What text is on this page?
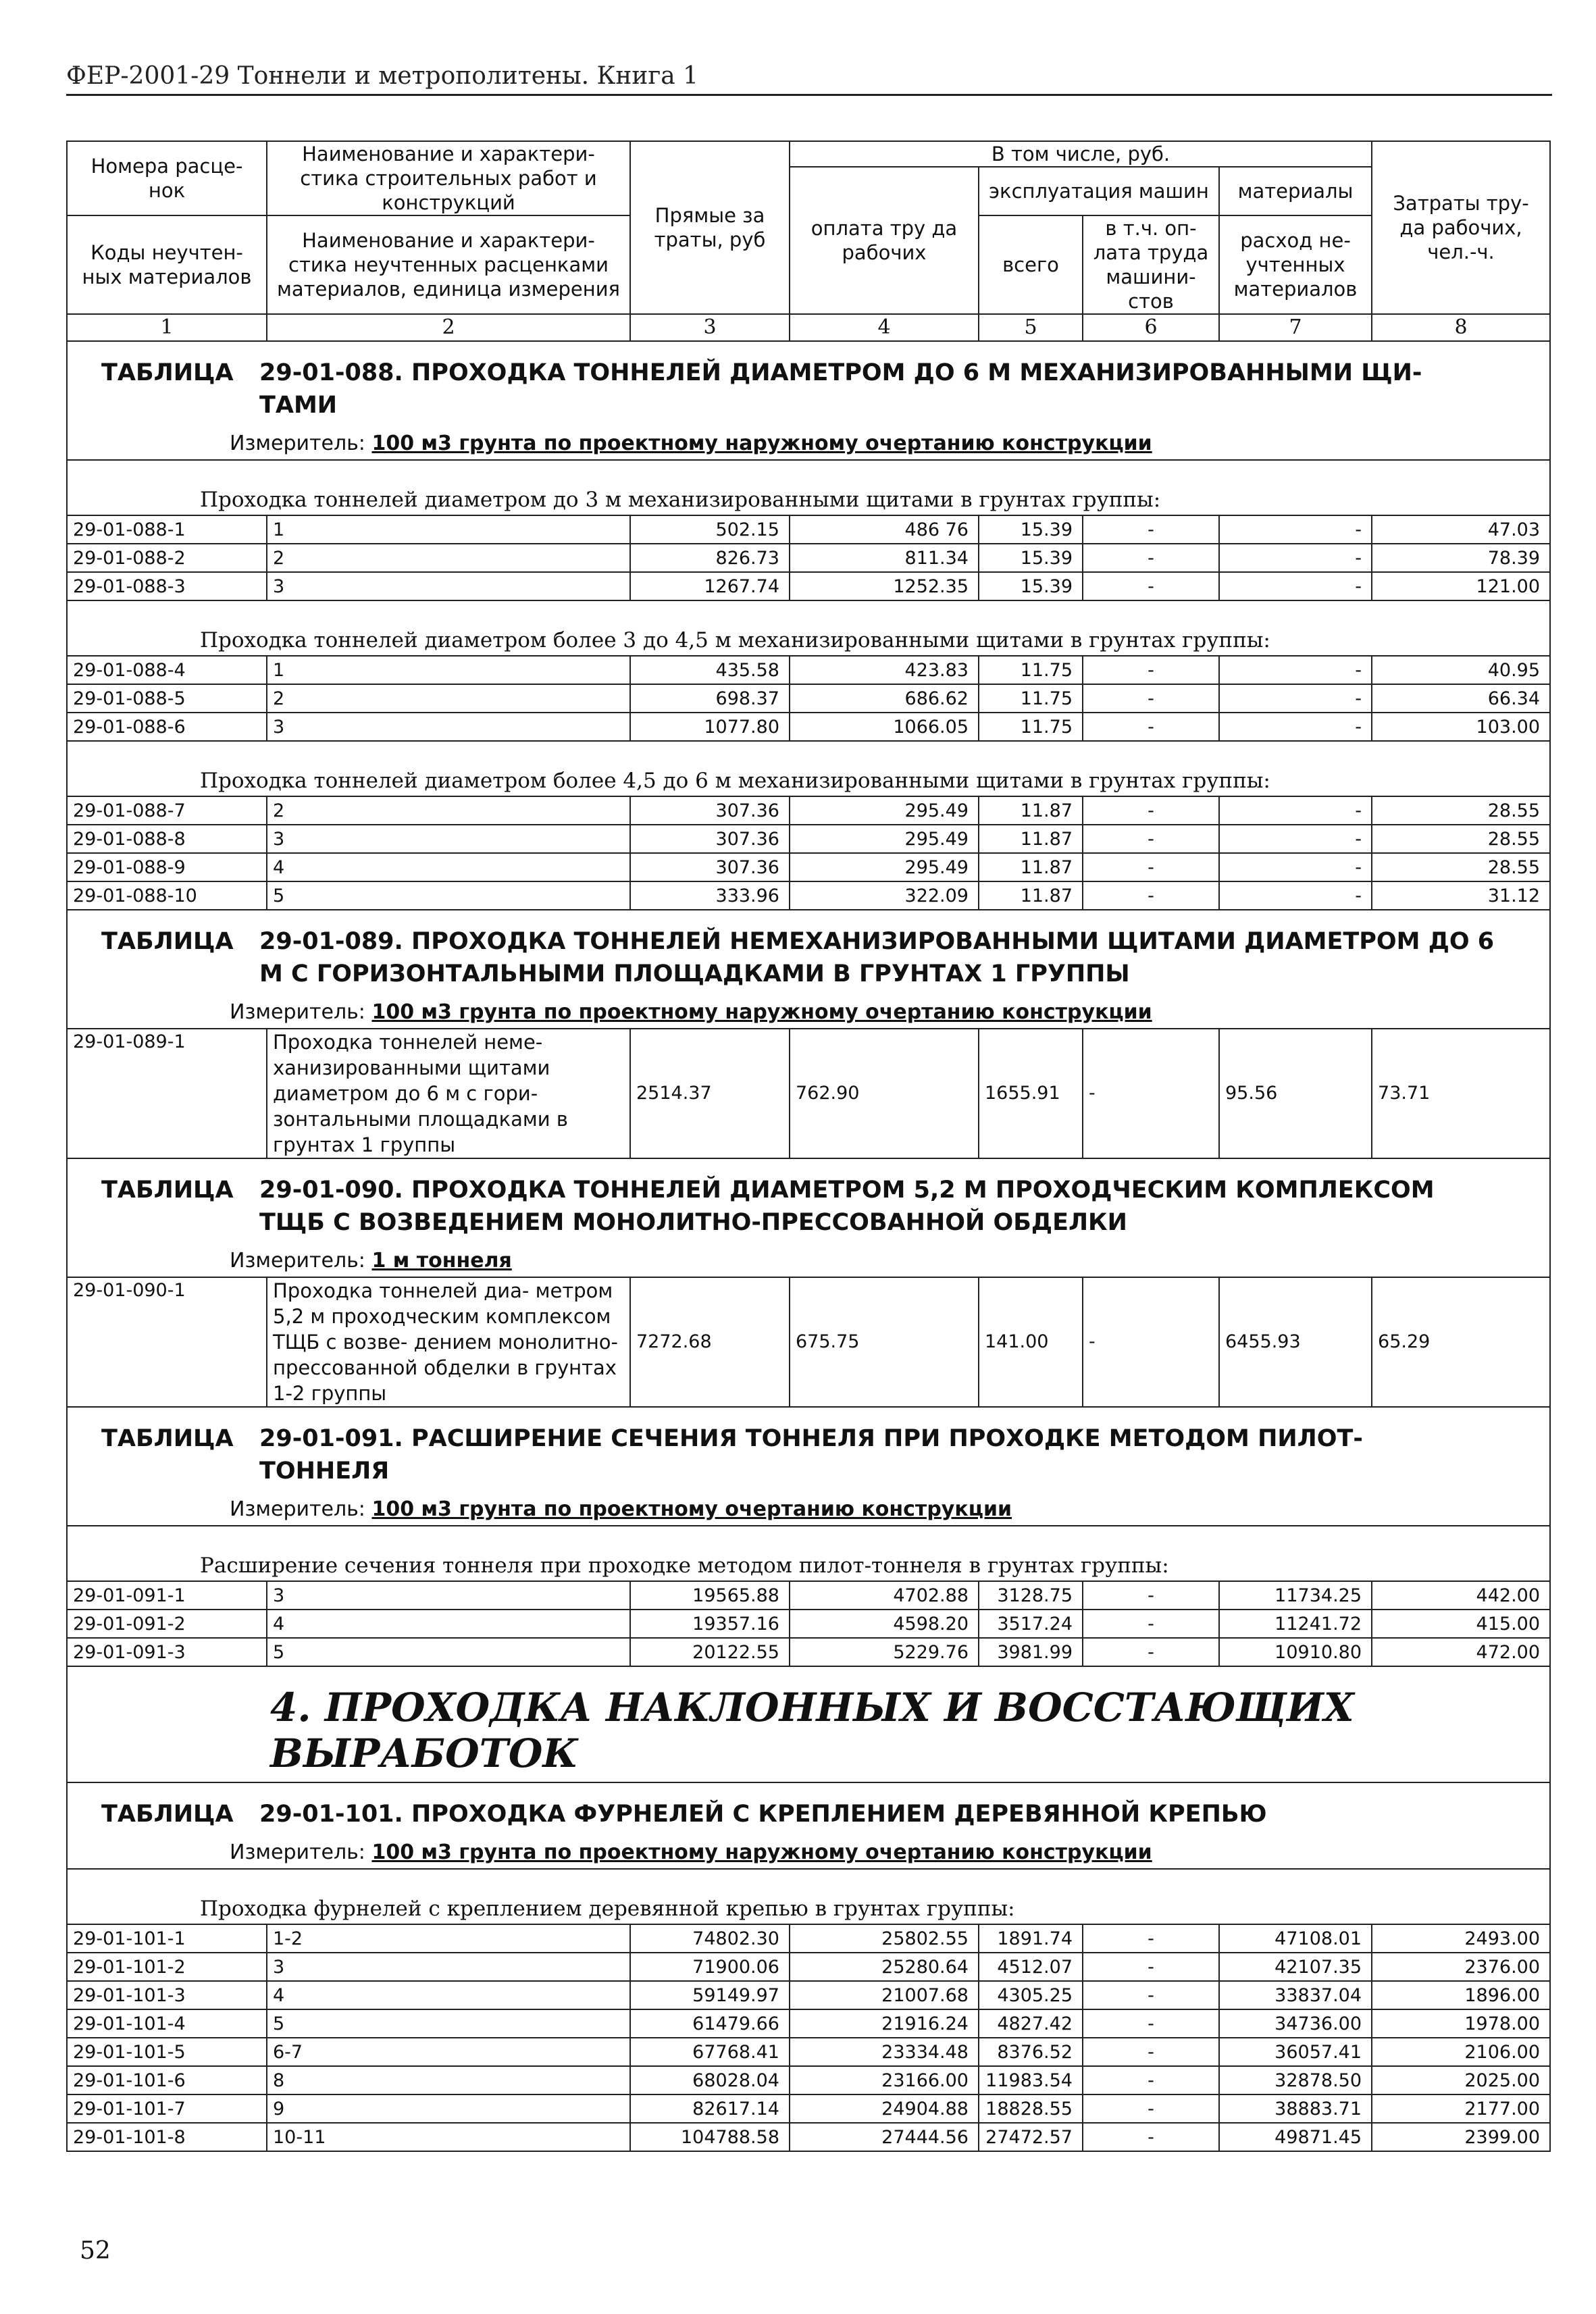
ФЕР-2001-29 Тоннели и метрополитены. Книга 1
Номера расце- нок	Наименование и характери- стика строительных работ и конструкций	Прямые за траты, руб	В том числе, руб.				Затраты тру- да рабочих, чел.-ч.
			оплата тру да рабочих	эксплуатация машин		материалы	
Коды неучтен- ных материалов	Наименование и характери- стика неучтенных расценками материалов, единица измерения			всего	в т.ч. оп- лата труда машини- стов	расход не- учтенных материалов	

1	2	3	4	5	6	7	8
ТАБЛИЦА 29-01-088. ПРОХОДКА ТОННЕЛЕЙ ДИАМЕТРОМ ДО 6 М МЕХАНИЗИРОВАННЫМИ ЩИ- ТАМИ							
Измеритель: 100 м3 грунта по проектному наружному очертанию конструкции							
Проходка тоннелей диаметром до 3 м механизированными щитами в грунтах группы:							
29-01-088-1	1	502.15	486 76	15.39	-	-	47.03
29-01-088-2	2	826.73	811.34	15.39	-	-	78.39
29-01-088-3	3	1267.74	1252.35	15.39	-	-	121.00
Проходка тоннелей диаметром более 3 до 4,5 м механизированными щитами в грунтах группы:							
29-01-088-4	1	435.58	423.83	11.75	-	-	40.95
29-01-088-5	2	698.37	686.62	11.75	-	-	66.34
29-01-088-6	3	1077.80	1066.05	11.75	-	-	103.00
Проходка тоннелей диаметром более 4,5 до 6 м механизированными щитами в грунтах группы:							
29-01-088-7	2	307.36	295.49	11.87	-	-	28.55
29-01-088-8	3	307.36	295.49	11.87	-	-	28.55
29-01-088-9	4	307.36	295.49	11.87	-	-	28.55
29-01-088-10	5	333.96	322.09	11.87	-	-	31.12
ТАБЛИЦА 29-01-089. ПРОХОДКА ТОННЕЛЕЙ НЕМЕХАНИЗИРОВАННЫМИ ЩИТАМИ ДИАМЕТРОМ ДО 6 М С ГОРИЗОНТАЛЬНЫМИ ПЛОЩАДКАМИ В ГРУНТАХ 1 ГРУППЫ							
Измеритель: 100 м3 грунта по проектному наружному очертанию конструкции							
29-01-089-1	Проходка тоннелей неме- ханизированными щитами диаметром до 6 м с гори- зонтальными площадками в грунтах 1 группы	2514.37	762.90	1655.91	-	95.56	73.71
ТАБЛИЦА 29-01-090. ПРОХОДКА ТОННЕЛЕЙ ДИАМЕТРОМ 5,2 М ПРОХОДЧЕСКИМ КОМПЛЕКСОМ ТЩБ С ВОЗВЕДЕНИЕМ МОНОЛИТНО-ПРЕССОВАННОЙ ОБДЕЛКИ							
Измеритель: 1 м тоннеля							
29-01-090-1	Проходка тоннелей диа- метром 5,2 м проходческим комплексом ТЩБ с возве- дением монолитно- прессованной обделки в грунтах 1-2 группы	7272.68	675.75	141.00	-	6455.93	65.29
ТАБЛИЦА 29-01-091. РАСШИРЕНИЕ СЕЧЕНИЯ ТОННЕЛЯ ПРИ ПРОХОДКЕ МЕТОДОМ ПИЛОТ- ТОННЕЛЯ							
Измеритель: 100 м3 грунта по проектному очертанию конструкции							
Расширение сечения тоннеля при проходке методом пилот-тоннеля в грунтах группы:							
29-01-091-1	3	19565.88	4702.88	3128.75	-	11734.25	442.00
29-01-091-2	4	19357.16	4598.20	3517.24	-	11241.72	415.00
29-01-091-3	5	20122.55	5229.76	3981.99	-	10910.80	472.00
4. ПРОХОДКА НАКЛОННЫХ И ВОССТАЮЩИХ ВЫРАБОТОК							
ТАБЛИЦА 29-01-101. ПРОХОДКА ФУРНЕЛЕЙ С КРЕПЛЕНИЕМ ДЕРЕВЯННОЙ КРЕПЬЮ							
Измеритель: 100 м3 грунта по проектному наружному очертанию конструкции							
Проходка фурнелей с креплением деревянной крепью в грунтах группы:							
29-01-101-1	1-2	74802.30	25802.55	1891.74	-	47108.01	2493.00
29-01-101-2	3	71900.06	25280.64	4512.07	-	42107.35	2376.00
29-01-101-3	4	59149.97	21007.68	4305.25	-	33837.04	1896.00
29-01-101-4	5	61479.66	21916.24	4827.42	-	34736.00	1978.00
29-01-101-5	6-7	67768.41	23334.48	8376.52	-	36057.41	2106.00
29-01-101-6	8	68028.04	23166.00	11983.54	-	32878.50	2025.00
29-01-101-7	9	82617.14	24904.88	18828.55	-	38883.71	2177.00
29-01-101-8	10-11	104788.58	27444.56	27472.57	-	49871.45	2399.00
52
